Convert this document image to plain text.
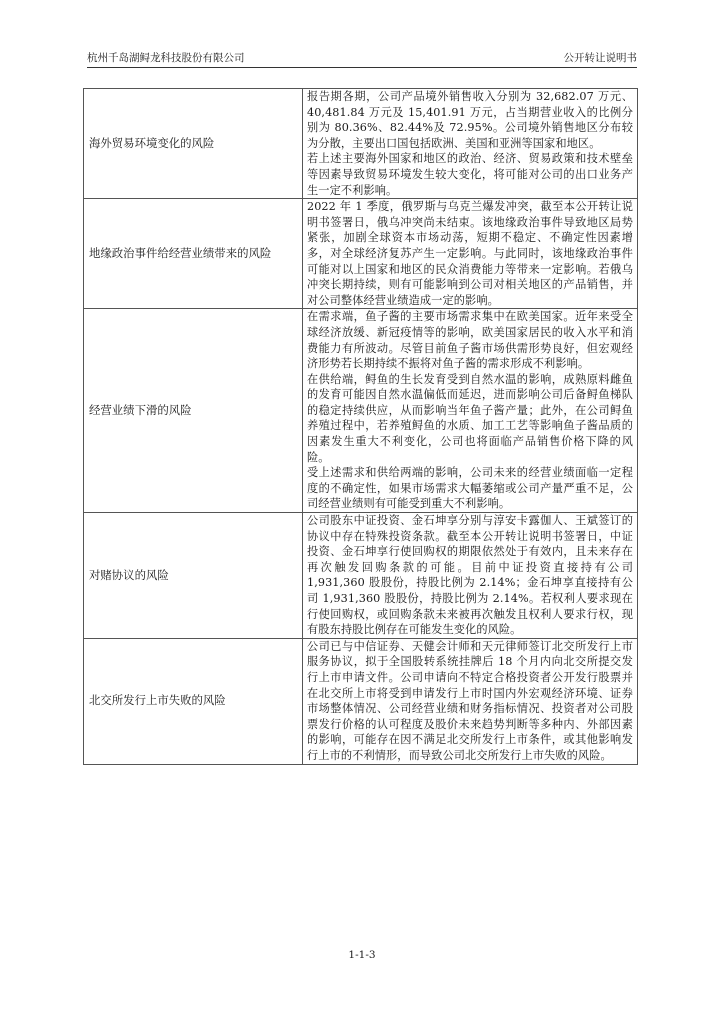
杭州千岛湖鲟龙科技股份有限公司	公开转让说明书
海外贸易环境变化的风险	报告期各期，公司产品境外销售收入分别为 32,682.07 万元、40,481.84 万元及 15,401.91 万元，占当期营业收入的比例分别为 80.36%、82.44%及 72.95%。公司境外销售地区分布较为分散，主要出口国包括欧洲、美国和亚洲等国家和地区。

若上述主要海外国家和地区的政治、经济、贸易政策和技术壁垒等因素导致贸易环境发生较大变化，将可能对公司的出口业务产生一定不利影响。

地缘政治事件给经营业绩带来的风险	2022 年 1 季度，俄罗斯与乌克兰爆发冲突，截至本公开转让说明书签署日，俄乌冲突尚未结束。该地缘政治事件导致地区局势紧张，加剧全球资本市场动荡，短期不稳定、不确定性因素增多，对全球经济复苏产生一定影响。与此同时，该地缘政治事件可能对以上国家和地区的民众消费能力等带来一定影响。若俄乌冲突长期持续，则有可能影响到公司对相关地区的产品销售，并对公司整体经营业绩造成一定的影响。

经营业绩下滑的风险	在需求端，鱼子酱的主要市场需求集中在欧美国家。近年来受全球经济放缓、新冠疫情等的影响，欧美国家居民的收入水平和消费能力有所波动。尽管目前鱼子酱市场供需形势良好，但宏观经济形势若长期持续不振将对鱼子酱的需求形成不利影响。

在供给端，鲟鱼的生长发育受到自然水温的影响，成熟原料雌鱼的发育可能因自然水温偏低而延迟，进而影响公司后备鲟鱼梯队的稳定持续供应，从而影响当年鱼子酱产量；此外，在公司鲟鱼养殖过程中，若养殖鲟鱼的水质、加工工艺等影响鱼子酱品质的因素发生重大不利变化，公司也将面临产品销售价格下降的风险。

受上述需求和供给两端的影响，公司未来的经营业绩面临一定程度的不确定性，如果市场需求大幅萎缩或公司产量严重不足，公司经营业绩则有可能受到重大不利影响。

对赌协议的风险	公司股东中证投资、金石坤享分别与淳安卡露伽人、王斌签订的协议中存在特殊投资条款。截至本公开转让说明书签署日，中证投资、金石坤享行使回购权的期限依然处于有效内，且未来存在再次触发回购条款的可能。目前中证投资直接持有公司 1,931,360 股股份，持股比例为 2.14%；金石坤享直接持有公司 1,931,360 股股份，持股比例为 2.14%。若权利人要求现在行使回购权，或回购条款未来被再次触发且权利人要求行权，现有股东持股比例存在可能发生变化的风险。

北交所发行上市失败的风险	公司已与中信证券、天健会计师和天元律师签订北交所发行上市服务协议，拟于全国股转系统挂牌后 18 个月内向北交所提交发行上市申请文件。公司申请向不特定合格投资者公开发行股票并在北交所上市将受到申请发行上市时国内外宏观经济环境、证券市场整体情况、公司经营业绩和财务指标情况、投资者对公司股票发行价格的认可程度及股价未来趋势判断等多种内、外部因素的影响，可能存在因不满足北交所发行上市条件，或其他影响发行上市的不利情形，而导致公司北交所发行上市失败的风险。

1-1-3
